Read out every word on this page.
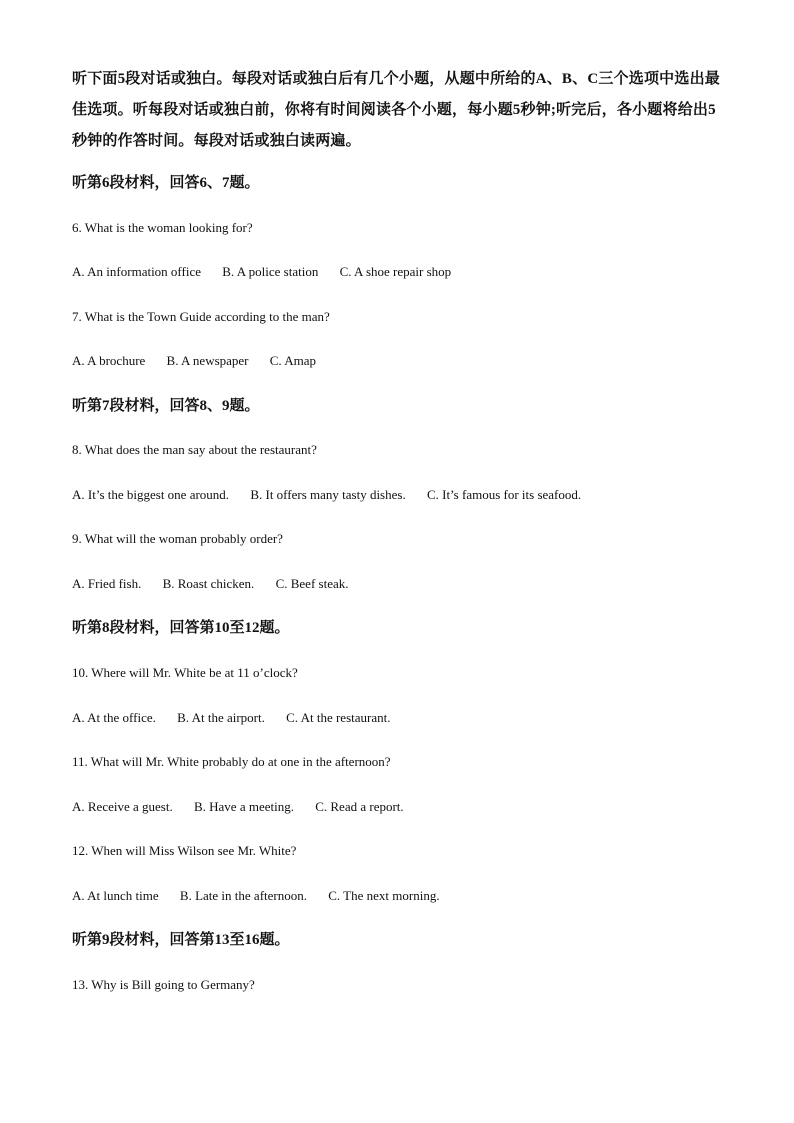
听下面5段对话或独白。每段对话或独白后有几个小题，从题中所给的A、B、C三个选项中选出最佳选项。听每段对话或独白前，你将有时间阅读各个小题，每小题5秒钟;听完后，各小题将给出5秒钟的作答时间。每段对话或独白读两遍。
听第6段材料，回答6、7题。
6. What is the woman looking for?
A. An information office B. A police station C. A shoe repair shop
7. What is the Town Guide according to the man?
A. A brochure B. A newspaper C. Amap
听第7段材料，回答8、9题。
8. What does the man say about the restaurant?
A. It’s the biggest one around. B. It offers many tasty dishes. C. It’s famous for its seafood.
9. What will the woman probably order?
A. Fried fish. B. Roast chicken. C. Beef steak.
听第8段材料，回答第10至12题。
10. Where will Mr. White be at 11 o’clock?
A. At the office. B. At the airport. C. At the restaurant.
11. What will Mr. White probably do at one in the afternoon?
A. Receive a guest. B. Have a meeting. C. Read a report.
12. When will Miss Wilson see Mr. White?
A. At lunch time B. Late in the afternoon. C. The next morning.
听第9段材料，回答第13至16题。
13. Why is Bill going to Germany?
